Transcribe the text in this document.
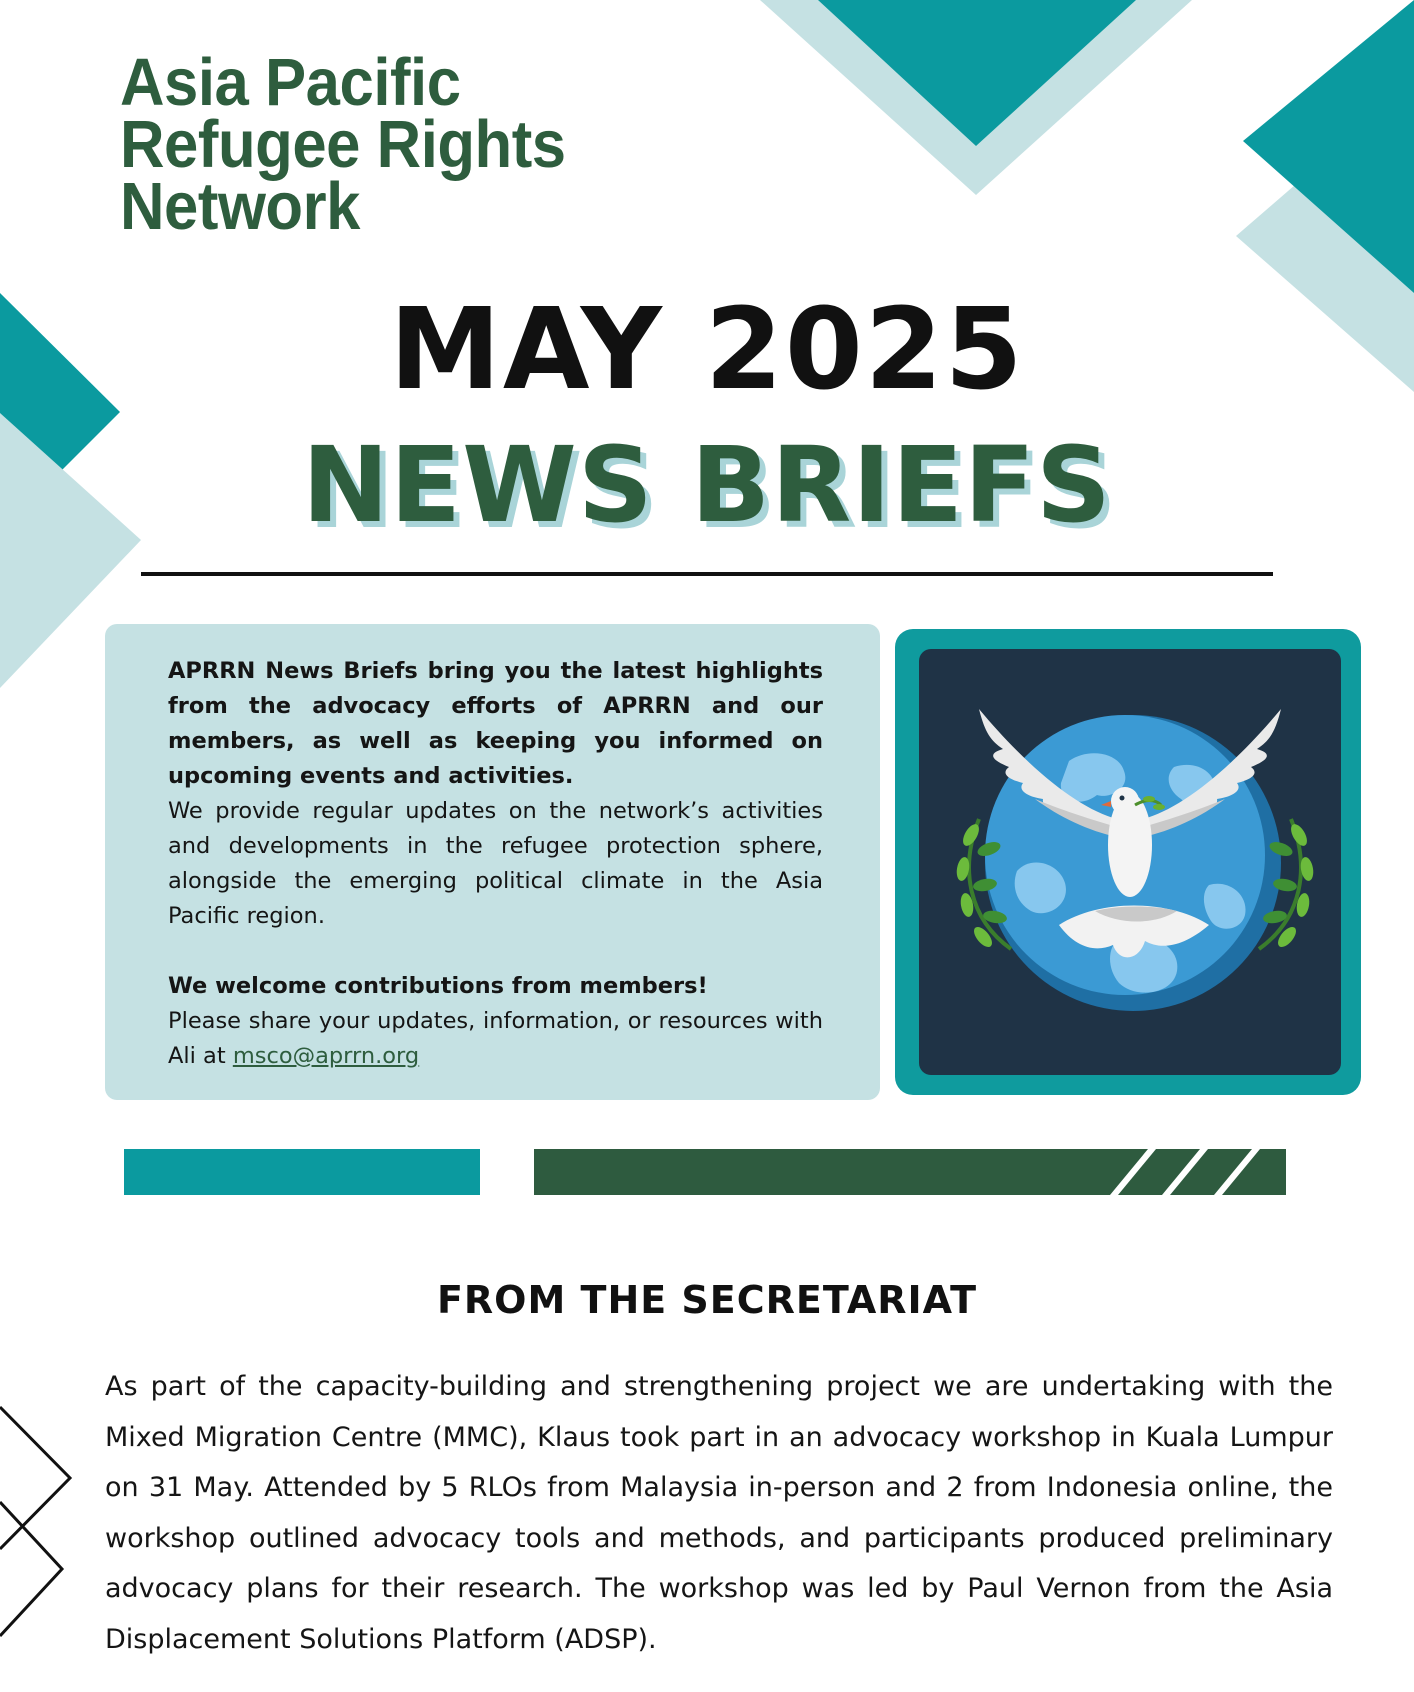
Asia Pacific
Refugee Rights
Network
MAY 2025
NEWS BRIEFS

APRRN News Briefs bring you the latest highlights from the advocacy efforts of APRRN and our members, as well as keeping you informed on upcoming events and activities.

We provide regular updates on the network’s activities and developments in the refugee protection sphere, alongside the emerging political climate in the Asia Pacific region.

We welcome contributions from members!

Please share your updates, information, or resources with Ali at msco@aprrn.org

FROM THE SECRETARIAT

As part of the capacity-building and strengthening project we are undertaking with the Mixed Migration Centre (MMC), Klaus took part in an advocacy workshop in Kuala Lumpur on 31 May. Attended by 5 RLOs from Malaysia in-person and 2 from Indonesia online, the workshop outlined advocacy tools and methods, and participants produced preliminary advocacy plans for their research. The workshop was led by Paul Vernon from the Asia Displacement Solutions Platform (ADSP).
